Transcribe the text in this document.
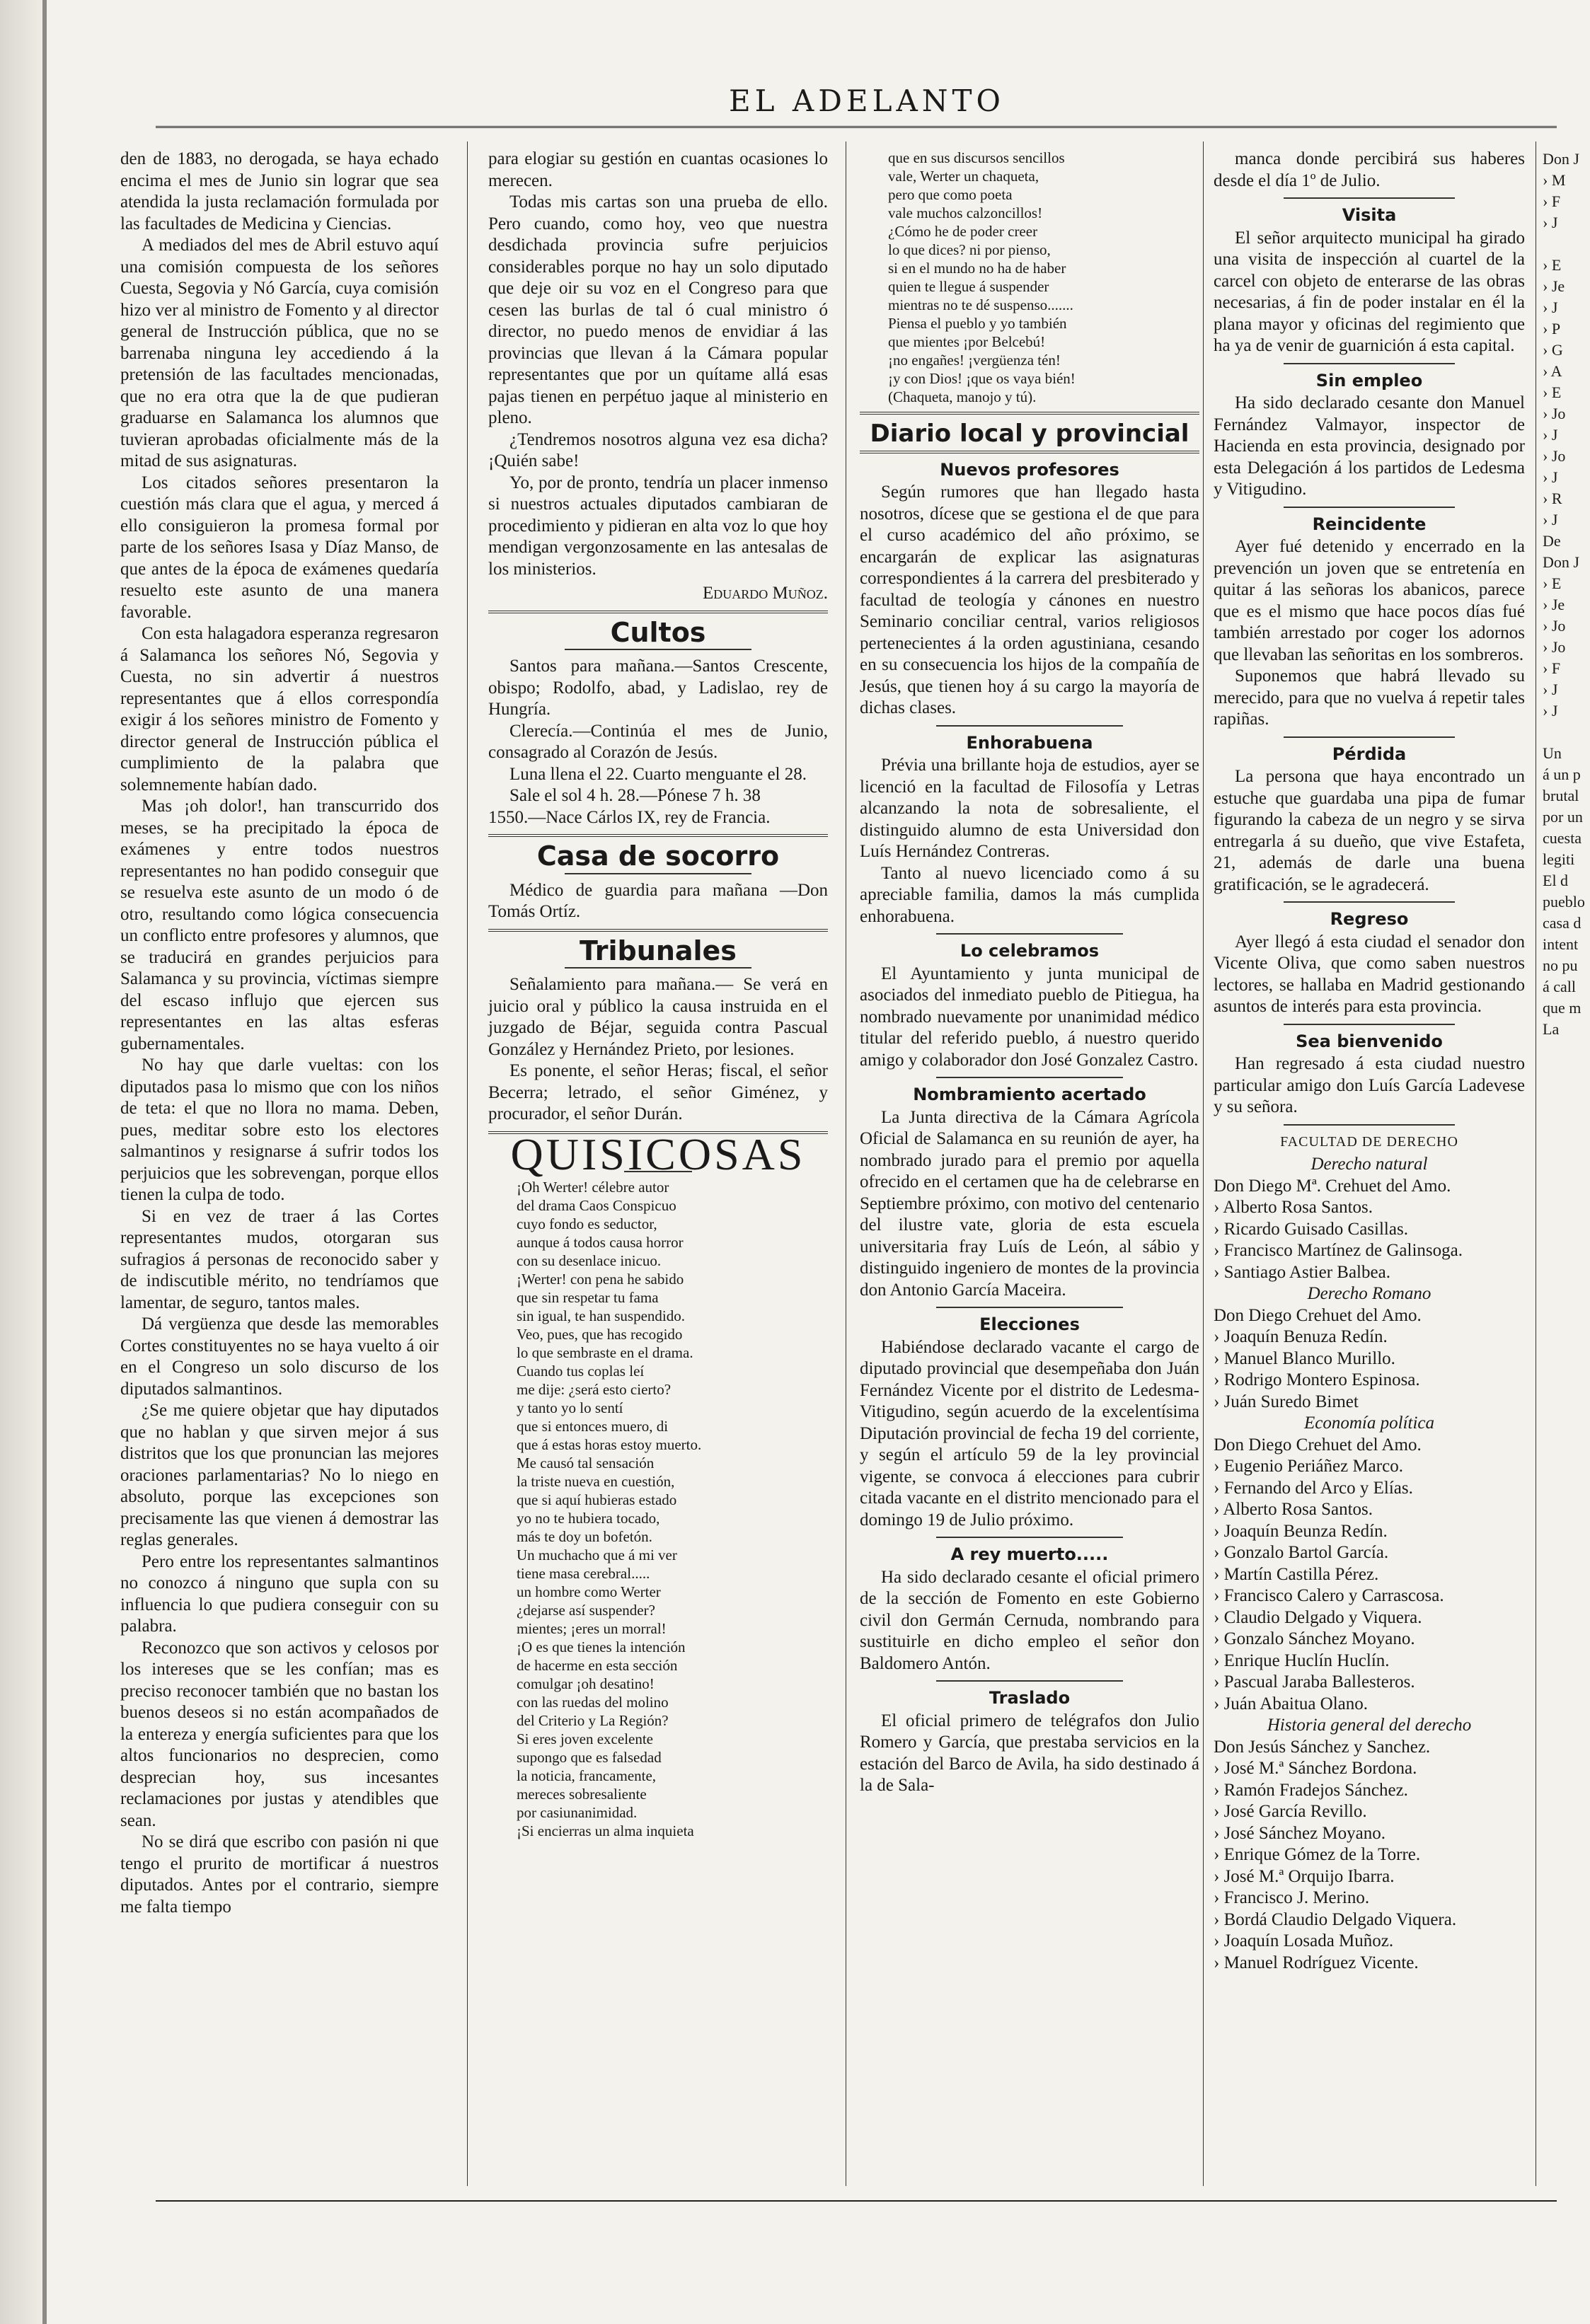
EL ADELANTO

den de 1883, no derogada, se haya echado encima el mes de Junio sin lograr que sea atendida la justa reclamación formulada por las facultades de Medicina y Ciencias.

A mediados del mes de Abril estuvo aquí una comisión compuesta de los señores Cuesta, Segovia y Nó García, cuya comisión hizo ver al ministro de Fomento y al director general de Instrucción pública, que no se barrenaba ninguna ley accediendo á la pretensión de las facultades mencionadas, que no era otra que la de que pudieran graduarse en Salamanca los alumnos que tuvieran aprobadas oficialmente más de la mitad de sus asignaturas.

Los citados señores presentaron la cuestión más clara que el agua, y merced á ello consiguieron la promesa formal por parte de los señores Isasa y Díaz Manso, de que antes de la época de exámenes quedaría resuelto este asunto de una manera favorable.

Con esta halagadora esperanza regresaron á Salamanca los señores Nó, Segovia y Cuesta, no sin advertir á nuestros representantes que á ellos correspondía exigir á los señores ministro de Fomento y director general de Instrucción pública el cumplimiento de la palabra que solemnemente habían dado.

Mas ¡oh dolor!, han transcurrido dos meses, se ha precipitado la época de exámenes y entre todos nuestros representantes no han podido conseguir que se resuelva este asunto de un modo ó de otro, resultando como lógica consecuencia un conflicto entre profesores y alumnos, que se traducirá en grandes perjuicios para Salamanca y su provincia, víctimas siempre del escaso influjo que ejercen sus representantes en las altas esferas gubernamentales.

No hay que darle vueltas: con los diputados pasa lo mismo que con los niños de teta: el que no llora no mama. Deben, pues, meditar sobre esto los electores salmantinos y resignarse á sufrir todos los perjuicios que les sobrevengan, porque ellos tienen la culpa de todo.

Si en vez de traer á las Cortes representantes mudos, otorgaran sus sufragios á personas de reconocido saber y de indiscutible mérito, no tendríamos que lamentar, de seguro, tantos males.

Dá vergüenza que desde las memorables Cortes constituyentes no se haya vuelto á oir en el Congreso un solo discurso de los diputados salmantinos.

¿Se me quiere objetar que hay diputados que no hablan y que sirven mejor á sus distritos que los que pronuncian las mejores oraciones parlamentarias? No lo niego en absoluto, porque las excepciones son precisamente las que vienen á demostrar las reglas generales.

Pero entre los representantes salmantinos no conozco á ninguno que supla con su influencia lo que pudiera conseguir con su palabra.

Reconozco que son activos y celosos por los intereses que se les confían; mas es preciso reconocer también que no bastan los buenos deseos si no están acompañados de la entereza y energía suficientes para que los altos funcionarios no desprecien, como desprecian hoy, sus incesantes reclamaciones por justas y atendibles que sean.

No se dirá que escribo con pasión ni que tengo el prurito de mortificar á nuestros diputados. Antes por el contrario, siempre me falta tiempo

para elogiar su gestión en cuantas ocasiones lo merecen.

Todas mis cartas son una prueba de ello. Pero cuando, como hoy, veo que nuestra desdichada provincia sufre perjuicios considerables porque no hay un solo diputado que deje oir su voz en el Congreso para que cesen las burlas de tal ó cual ministro ó director, no puedo menos de envidiar á las provincias que llevan á la Cámara popular representantes que por un quítame allá esas pajas tienen en perpétuo jaque al ministerio en pleno.

¿Tendremos nosotros alguna vez esa dicha? ¡Quién sabe!

Yo, por de pronto, tendría un placer inmenso si nuestros actuales diputados cambiaran de procedimiento y pidieran en alta voz lo que hoy mendigan vergonzosamente en las antesalas de los ministerios.

Eduardo Muñoz.
Cultos

Santos para mañana.—Santos Crescente, obispo; Rodolfo, abad, y Ladislao, rey de Hungría.

Clerecía.—Continúa el mes de Junio, consagrado al Corazón de Jesús.

Luna llena el 22. Cuarto menguante el 28.

Sale el sol 4 h. 28.—Pónese 7 h. 38

1550.—Nace Cárlos IX, rey de Francia.

Casa de socorro

Médico de guardia para mañana —Don Tomás Ortíz.

Tribunales

Señalamiento para mañana.— Se verá en juicio oral y público la causa instruida en el juzgado de Béjar, seguida contra Pascual González y Hernández Prieto, por lesiones.

Es ponente, el señor Heras; fiscal, el señor Becerra; letrado, el señor Giménez, y procurador, el señor Durán.

QUISICOSAS

¡Oh Werter! célebre autor
del drama Caos Conspicuo
cuyo fondo es seductor,
aunque á todos causa horror
con su desenlace inicuo.
¡Werter! con pena he sabido
que sin respetar tu fama
sin igual, te han suspendido.
Veo, pues, que has recogido
lo que sembraste en el drama.
Cuando tus coplas leí
me dije: ¿será esto cierto?
y tanto yo lo sentí
que si entonces muero, di
que á estas horas estoy muerto.
Me causó tal sensación
la triste nueva en cuestión,
que si aquí hubieras estado
yo no te hubiera tocado,
más te doy un bofetón.
Un muchacho que á mi ver
tiene masa cerebral.....
un hombre como Werter
¿dejarse así suspender?
mientes; ¡eres un morral!
¡O es que tienes la intención
de hacerme en esta sección
comulgar ¡oh desatino!
con las ruedas del molino
del Criterio y La Región?
Si eres joven excelente
supongo que es falsedad
la noticia, francamente,
mereces sobresaliente
por casiunanimidad.
¡Si encierras un alma inquieta

que en sus discursos sencillos
vale, Werter un chaqueta,
pero que como poeta
vale muchos calzoncillos!
¿Cómo he de poder creer
lo que dices? ni por pienso,
si en el mundo no ha de haber
quien te llegue á suspender
mientras no te dé suspenso.......
Piensa el pueblo y yo también
que mientes ¡por Belcebú!
¡no engañes! ¡vergüenza tén!
¡y con Dios! ¡que os vaya bién!
(Chaqueta, manojo y tú).

Diario local y provincial
Nuevos profesores

Según rumores que han llegado hasta nosotros, dícese que se gestiona el de que para el curso académico del año próximo, se encargarán de explicar las asignaturas correspondientes á la carrera del presbiterado y facultad de teología y cánones en nuestro Seminario conciliar central, varios religiosos pertenecientes á la orden agustiniana, cesando en su consecuencia los hijos de la compañía de Jesús, que tienen hoy á su cargo la mayoría de dichas clases.

Enhorabuena

Prévia una brillante hoja de estudios, ayer se licenció en la facultad de Filosofía y Letras alcanzando la nota de sobresaliente, el distinguido alumno de esta Universidad don Luís Hernández Contreras.

Tanto al nuevo licenciado como á su apreciable familia, damos la más cumplida enhorabuena.

Lo celebramos

El Ayuntamiento y junta municipal de asociados del inmediato pueblo de Pitiegua, ha nombrado nuevamente por unanimidad médico titular del referido pueblo, á nuestro querido amigo y colaborador don José Gonzalez Castro.

Nombramiento acertado

La Junta directiva de la Cámara Agrícola Oficial de Salamanca en su reunión de ayer, ha nombrado jurado para el premio por aquella ofrecido en el certamen que ha de celebrarse en Septiembre próximo, con motivo del centenario del ilustre vate, gloria de esta escuela universitaria fray Luís de León, al sábio y distinguido ingeniero de montes de la provincia don Antonio García Maceira.

Elecciones

Habiéndose declarado vacante el cargo de diputado provincial que desempeñaba don Juán Fernández Vicente por el distrito de Ledesma-Vitigudino, según acuerdo de la excelentísima Diputación provincial de fecha 19 del corriente, y según el artículo 59 de la ley provincial vigente, se convoca á elecciones para cubrir citada vacante en el distrito mencionado para el domingo 19 de Julio próximo.

A rey muerto.....

Ha sido declarado cesante el oficial primero de la sección de Fomento en este Gobierno civil don Germán Cernuda, nombrando para sustituirle en dicho empleo el señor don Baldomero Antón.

Traslado

El oficial primero de telégrafos don Julio Romero y García, que prestaba servicios en la estación del Barco de Avila, ha sido destinado á la de Sala-

manca donde percibirá sus haberes desde el día 1º de Julio.

Visita

El señor arquitecto municipal ha girado una visita de inspección al cuartel de la carcel con objeto de enterarse de las obras necesarias, á fin de poder instalar en él la plana mayor y oficinas del regimiento que ha ya de venir de guarnición á esta capital.

Sin empleo

Ha sido declarado cesante don Manuel Fernández Valmayor, inspector de Hacienda en esta provincia, designado por esta Delegación á los partidos de Ledesma y Vitigudino.

Reincidente

Ayer fué detenido y encerrado en la prevención un joven que se entretenía en quitar á las señoras los abanicos, parece que es el mismo que hace pocos días fué también arrestado por coger los adornos que llevaban las señoritas en los sombreros.

Suponemos que habrá llevado su merecido, para que no vuelva á repetir tales rapiñas.

Pérdida

La persona que haya encontrado un estuche que guardaba una pipa de fumar figurando la cabeza de un negro y se sirva entregarla á su dueño, que vive Estafeta, 21, además de darle una buena gratificación, se le agradecerá.

Regreso

Ayer llegó á esta ciudad el senador don Vicente Oliva, que como saben nuestros lectores, se hallaba en Madrid gestionando asuntos de interés para esta provincia.

Sea bienvenido

Han regresado á esta ciudad nuestro particular amigo don Luís García Ladevese y su señora.

FACULTAD DE DERECHO
Derecho natural

Don Diego Mª. Crehuet del Amo.
› Alberto Rosa Santos.
› Ricardo Guisado Casillas.
› Francisco Martínez de Galinsoga.
› Santiago Astier Balbea.

Derecho Romano

Don Diego Crehuet del Amo.
› Joaquín Benuza Redín.
› Manuel Blanco Murillo.
› Rodrigo Montero Espinosa.
› Juán Suredo Bimet

Economía política

Don Diego Crehuet del Amo.
› Eugenio Periáñez Marco.
› Fernando del Arco y Elías.
› Alberto Rosa Santos.
› Joaquín Beunza Redín.
› Gonzalo Bartol García.
› Martín Castilla Pérez.
› Francisco Calero y Carrascosa.
› Claudio Delgado y Viquera.
› Gonzalo Sánchez Moyano.
› Enrique Huclín Huclín.
› Pascual Jaraba Ballesteros.
› Juán Abaitua Olano.

Historia general del derecho

Don Jesús Sánchez y Sanchez.
› José M.ª Sánchez Bordona.
› Ramón Fradejos Sánchez.
› José García Revillo.
› José Sánchez Moyano.
› Enrique Gómez de la Torre.
› José M.ª Orquijo Ibarra.
› Francisco J. Merino.
› Bordá Claudio Delgado Viquera.
› Joaquín Losada Muñoz.
› Manuel Rodríguez Vicente.

Don J
› M
› F
› J

› E
› Je
› J
› P
› G
› A
› E
› Jo
› J
› Jo
› J
› R
› J
De
Don J
› E
› Je
› Jo
› Jo
› F
› J
› J

Un
á un p
brutal
por un
cuesta
legiti
El d
pueblo
casa d
intent
no pu
á call
que m
La
